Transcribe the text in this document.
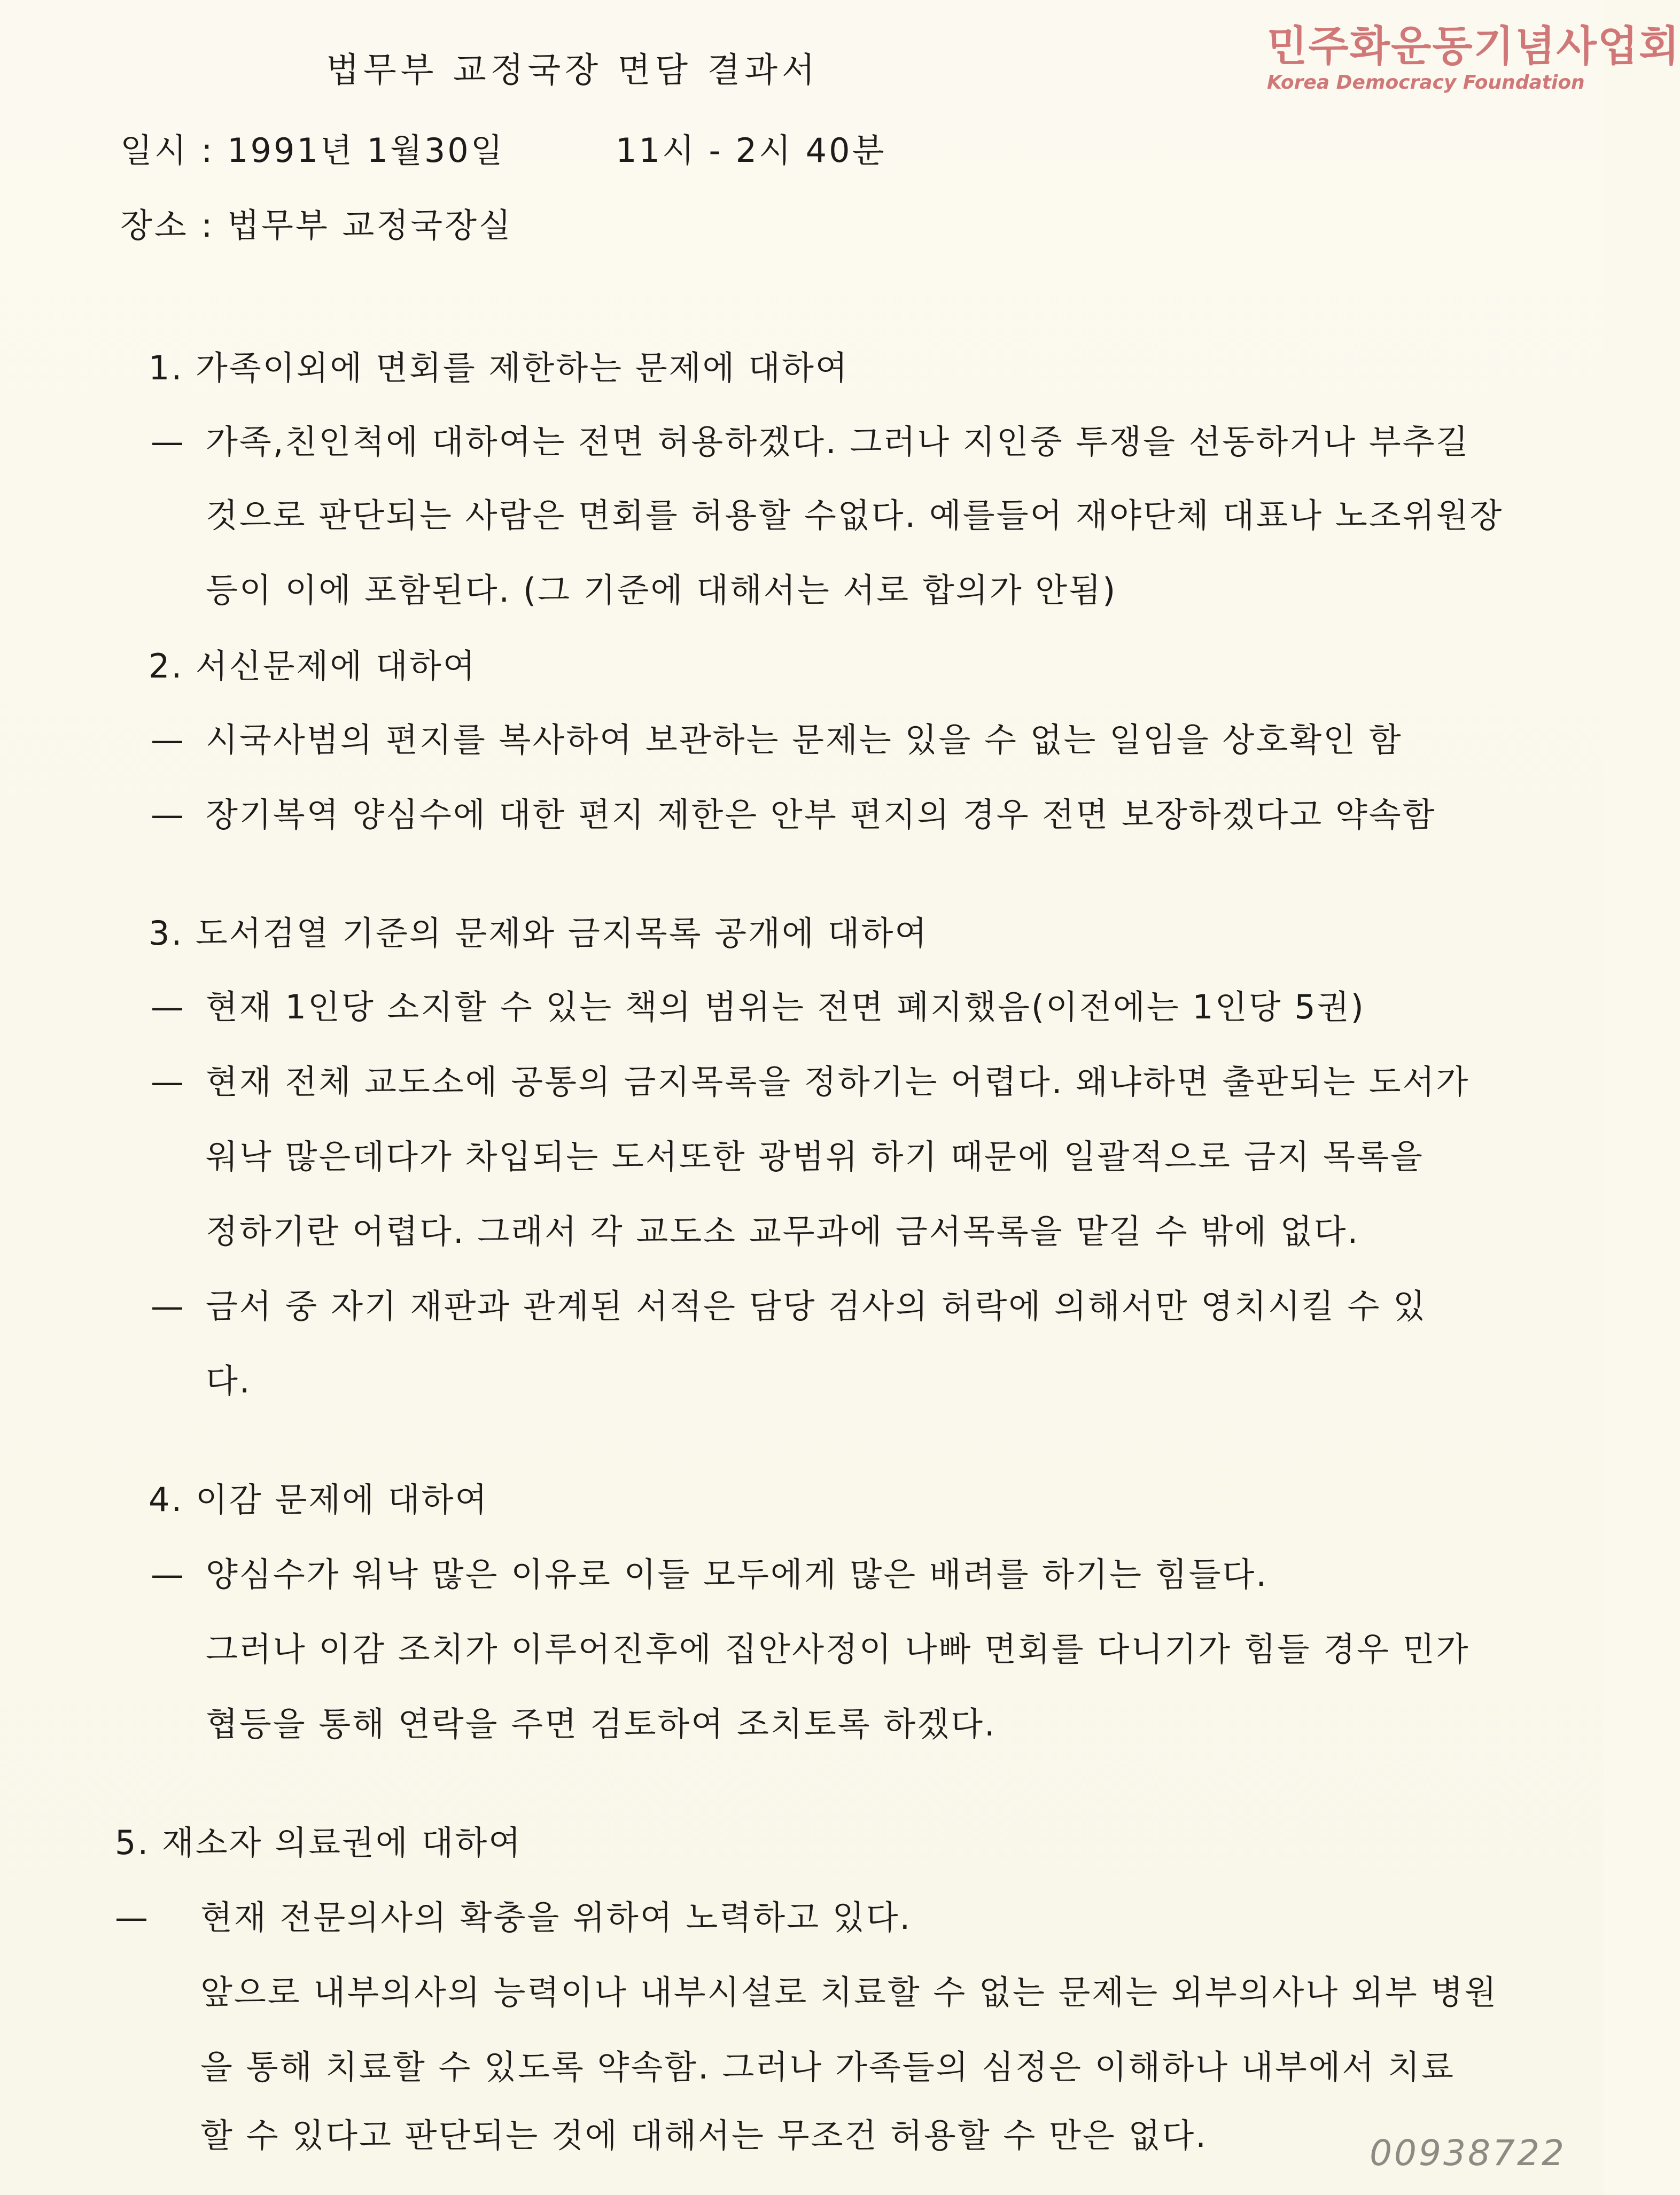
민주화운동기념사업회
Korea Democracy Foundation
법무부 교정국장 면담 결과서
일시 : 1991년 1월30일	11시 - 2시 40분
장소 : 법무부 교정국장실
1. 가족이외에 면회를 제한하는 문제에 대하여
— 가족,친인척에 대하여는 전면 허용하겠다. 그러나 지인중 투쟁을 선동하거나 부추길
것으로 판단되는 사람은 면회를 허용할 수없다. 예를들어 재야단체 대표나 노조위원장
등이 이에 포함된다. (그 기준에 대해서는 서로 합의가 안됨)
2. 서신문제에 대하여
— 시국사범의 편지를 복사하여 보관하는 문제는 있을 수 없는 일임을 상호확인 함
— 장기복역 양심수에 대한 편지 제한은 안부 편지의 경우 전면 보장하겠다고 약속함
3. 도서검열 기준의 문제와 금지목록 공개에 대하여
— 현재 1인당 소지할 수 있는 책의 범위는 전면 폐지했음(이전에는 1인당 5권)
— 현재 전체 교도소에 공통의 금지목록을 정하기는 어렵다. 왜냐하면 출판되는 도서가
워낙 많은데다가 차입되는 도서또한 광범위 하기 때문에 일괄적으로 금지 목록을
정하기란 어렵다. 그래서 각 교도소 교무과에 금서목록을 맡길 수 밖에 없다.
— 금서 중 자기 재판과 관계된 서적은 담당 검사의 허락에 의해서만 영치시킬 수 있
다.
4. 이감 문제에 대하여
— 양심수가 워낙 많은 이유로 이들 모두에게 많은 배려를 하기는 힘들다.
그러나 이감 조치가 이루어진후에 집안사정이 나빠 면회를 다니기가 힘들 경우 민가
협등을 통해 연락을 주면 검토하여 조치토록 하겠다.
5. 재소자 의료권에 대하여
— 현재 전문의사의 확충을 위하여 노력하고 있다.
앞으로 내부의사의 능력이나 내부시설로 치료할 수 없는 문제는 외부의사나 외부 병원
을 통해 치료할 수 있도록 약속함. 그러나 가족들의 심정은 이해하나 내부에서 치료
할 수 있다고 판단되는 것에 대해서는 무조건 허용할 수 만은 없다.	00938722
